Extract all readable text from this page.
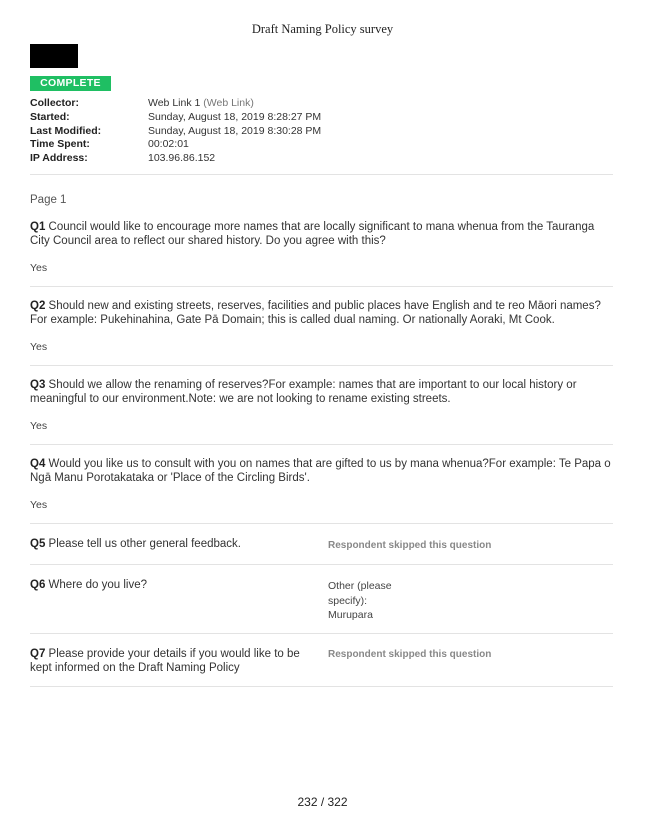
Draft Naming Policy survey
COMPLETE
Collector:	Web Link 1 (Web Link)
Started:	Sunday, August 18, 2019 8:28:27 PM
Last Modified:	Sunday, August 18, 2019 8:30:28 PM
Time Spent:	00:02:01
IP Address:	103.96.86.152
Page 1
Q1 Council would like to encourage more names that are locally significant to mana whenua from the Tauranga City Council area to reflect our shared history. Do you agree with this?
Yes
Q2 Should new and existing streets, reserves, facilities and public places have English and te reo Māori names?For example: Pukehinahina, Gate Pā Domain; this is called dual naming. Or nationally Aoraki, Mt Cook.
Yes
Q3 Should we allow the renaming of reserves?For example: names that are important to our local history or meaningful to our environment.Note: we are not looking to rename existing streets.
Yes
Q4 Would you like us to consult with you on names that are gifted to us by mana whenua?For example: Te Papa o Ngā Manu Porotakataka or 'Place of the Circling Birds'.
Yes
Q5 Please tell us other general feedback.	Respondent skipped this question
Q6 Where do you live?	Other (please
specify):
Murupara
Q7 Please provide your details if you would like to be kept informed on the Draft Naming Policy
Respondent skipped this question
232 / 322
